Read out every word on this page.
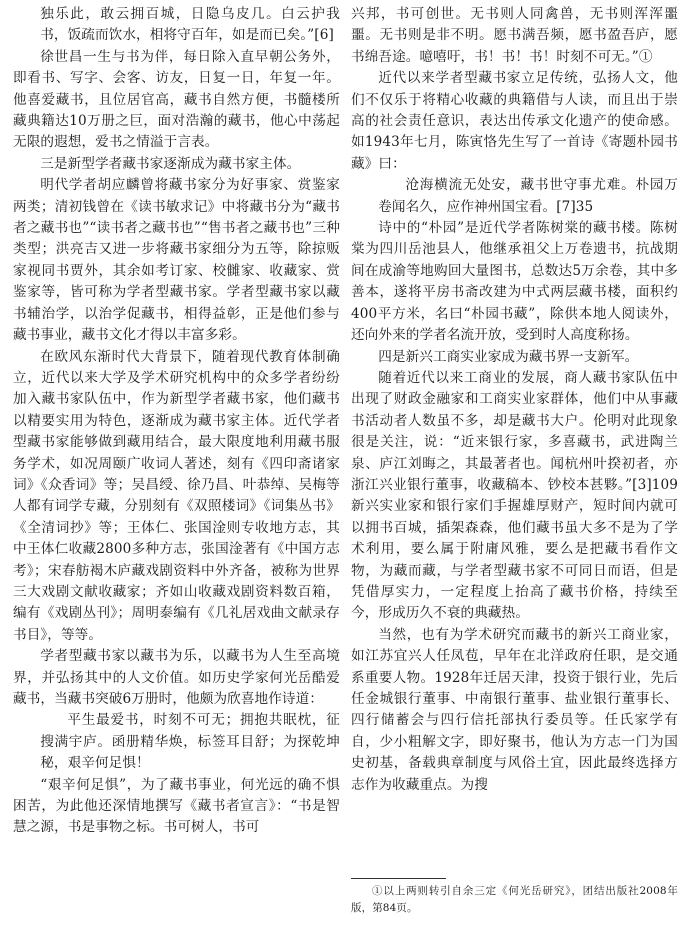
独乐此，敢云拥百城，日隐乌皮几。白云护我书，饭疏而饮水，相将守百年，如是而已矣。”[6]

徐世昌一生与书为伴，每日除入直早朝公务外，即看书、写字、会客、访友，日复一日，年复一年。他喜爱藏书，且位居官高，藏书自然方便，书髓楼所藏典籍达10万册之巨，面对浩瀚的藏书，他心中荡起无限的遐想，爱书之情溢于言表。

三是新型学者藏书家逐渐成为藏书家主体。

明代学者胡应麟曾将藏书家分为好事家、赏鉴家两类；清初钱曾在《读书敏求记》中将藏书分为“藏书者之藏书也”“读书者之藏书也”“售书者之藏书也”三种类型；洪亮吉又进一步将藏书家细分为五等，除掠贩家视同书贾外，其余如考订家、校雠家、收藏家、赏鉴家等，皆可称为学者型藏书家。学者型藏书家以藏书辅治学，以治学促藏书，相得益彰，正是他们参与藏书事业，藏书文化才得以丰富多彩。

在欧风东渐时代大背景下，随着现代教育体制确立，近代以来大学及学术研究机构中的众多学者纷纷加入藏书家队伍中，作为新型学者藏书家，他们藏书以精要实用为特色，逐渐成为藏书家主体。近代学者型藏书家能够做到藏用结合，最大限度地利用藏书服务学术，如况周颐广收词人著述，刻有《四印斋诸家词》《众香词》等；吴昌绶、徐乃昌、叶恭绰、吴梅等人都有词学专藏，分别刻有《双照楼词》《词集丛书》《全清词抄》等；王体仁、张国淦则专收地方志，其中王体仁收藏2800多种方志，张国淦著有《中国方志考》；宋春舫褐木庐藏戏剧资料中外齐备，被称为世界三大戏剧文献收藏家；齐如山收藏戏剧资料数百箱，编有《戏剧丛刊》；周明泰编有《几礼居戏曲文献录存书目》，等等。

学者型藏书家以藏书为乐，以藏书为人生至高境界，并弘扬其中的人文价值。如历史学家何光岳酷爱藏书，当藏书突破6万册时，他颇为欣喜地作诗道：

平生最爱书，时刻不可无；拥抱共眠枕，征搜满宇庐。函册精华焕，标签耳目舒；为探乾坤秘，艰辛何足惧！

“艰辛何足惧”，为了藏书事业，何光远的确不惧困苦，为此他还深情地撰写《藏书者宣言》：“书是智慧之源，书是事物之标。书可树人，书可

兴邦，书可创世。无书则人同禽兽，无书则浑浑噩噩。无书则是非不明。愿书满吾频，愿书盈吾庐，愿书绵吾途。噫嘻吁，书！书！书！时刻不可无。”①

近代以来学者型藏书家立足传统，弘扬人文，他们不仅乐于将精心收藏的典籍借与人读，而且出于崇高的社会责任意识，表达出传承文化遗产的使命感。如1943年七月，陈寅恪先生写了一首诗《寄题朴园书藏》曰：

沧海横流无处安，藏书世守事尤难。朴园万卷闻名久，应作神州国宝看。[7]35

诗中的“朴园”是近代学者陈树棠的藏书楼。陈树棠为四川岳池县人，他继承祖父上万卷遗书，抗战期间在成渝等地购回大量图书，总数达5万余卷，其中多善本，遂将平房书斋改建为中式两层藏书楼，面积约400平方米，名曰“朴园书藏”，除供本地人阅读外，还向外来的学者名流开放，受到时人高度称扬。

四是新兴工商实业家成为藏书界一支新军。

随着近代以来工商业的发展，商人藏书家队伍中出现了财政金融家和工商实业家群体，他们中从事藏书活动者人数虽不多，却是藏书大户。伦明对此现象很是关注，说：“近来银行家，多喜藏书，武进陶兰泉、庐江刘晦之，其最著者也。闻杭州叶揆初者，亦浙江兴业银行董事，收藏稿本、钞校本甚夥。”[3]109新兴实业家和银行家们手握雄厚财产，短时间内就可以拥书百城，插架森森，他们藏书虽大多不是为了学术利用，要么属于附庸风雅，要么是把藏书看作文物，为藏而藏，与学者型藏书家不可同日而语，但是凭借厚实力，一定程度上抬高了藏书价格，持续至今，形成历久不衰的典藏热。

当然，也有为学术研究而藏书的新兴工商业家，如江苏宜兴人任凤苞，早年在北洋政府任职，是交通系重要人物。1928年迁居天津，投资于银行业，先后任金城银行董事、中南银行董事、盐业银行董事长、四行储蓄会与四行信托部执行委员等。任氏家学有自，少小粗解文字，即好聚书，他认为方志一门为国史初基，备载典章制度与风俗土宜，因此最终选择方志作为收藏重点。为搜

①以上两则转引自余三定《何光岳研究》，团结出版社2008年版，第84页。
